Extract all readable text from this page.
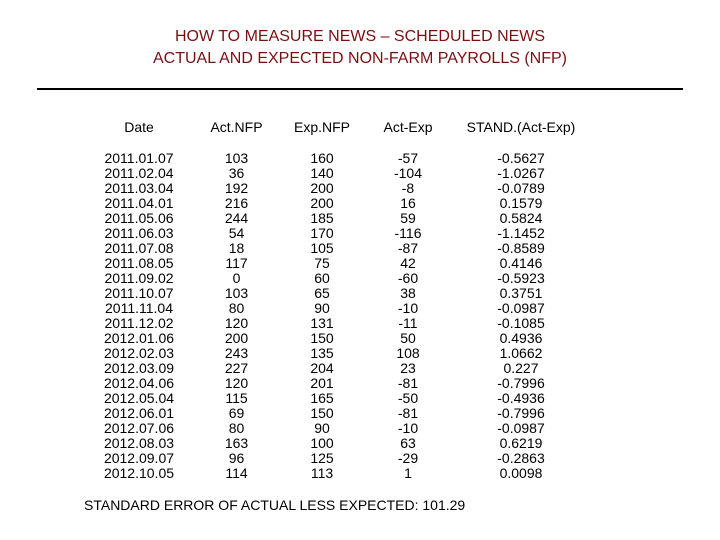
HOW TO MEASURE NEWS – SCHEDULED NEWS
ACTUAL AND EXPECTED NON-FARM PAYROLLS (NFP)
Date	Act.NFP	Exp.NFP	Act-Exp	STAND.(Act-Exp)

2011.01.07	103	160	-57	-0.5627
2011.02.04	36	140	-104	-1.0267
2011.03.04	192	200	-8	-0.0789
2011.04.01	216	200	16	0.1579
2011.05.06	244	185	59	0.5824
2011.06.03	54	170	-116	-1.1452
2011.07.08	18	105	-87	-0.8589
2011.08.05	117	75	42	0.4146
2011.09.02	0	60	-60	-0.5923
2011.10.07	103	65	38	0.3751
2011.11.04	80	90	-10	-0.0987
2011.12.02	120	131	-11	-0.1085
2012.01.06	200	150	50	0.4936
2012.02.03	243	135	108	1.0662
2012.03.09	227	204	23	0.227
2012.04.06	120	201	-81	-0.7996
2012.05.04	115	165	-50	-0.4936
2012.06.01	69	150	-81	-0.7996
2012.07.06	80	90	-10	-0.0987
2012.08.03	163	100	63	0.6219
2012.09.07	96	125	-29	-0.2863
2012.10.05	114	113	1	0.0098
STANDARD ERROR OF ACTUAL LESS EXPECTED: 101.29
